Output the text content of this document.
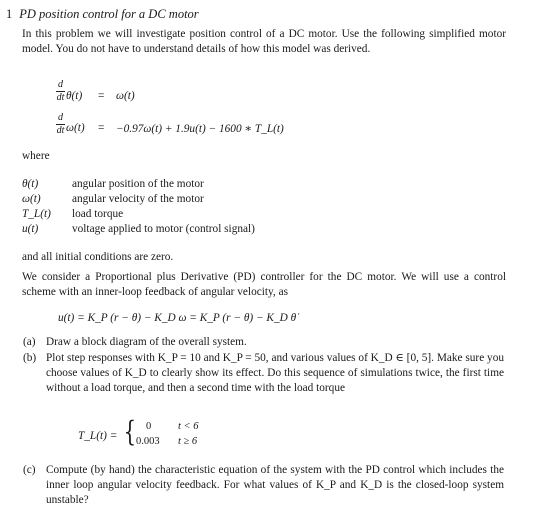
1 PD position control for a DC motor
In this problem we will investigate position control of a DC motor. Use the following simplified motor model. You do not have to understand details of how this model was derived.
d
dt θ(t) = ω(t)
d
dt ω(t) = −0.97ω(t) + 1.9u(t) − 1600 ∗ T_L(t)
where
θ(t)	angular position of the motor
ω(t)	angular velocity of the motor
T_L(t) load torque
u(t)	voltage applied to motor (control signal)
and all initial conditions are zero.
We consider a Proportional plus Derivative (PD) controller for the DC motor. We will use a control scheme with an inner-loop feedback of angular velocity, as
u(t) = K_P (r − θ) − K_D ω = K_P (r − θ) − K_D θ̇
(a) Draw a block diagram of the overall system.
(b) Plot step responses with K_P = 10 and K_P = 50, and various values of K_D ∈ [0, 5]. Make sure you choose values of K_D to clearly show its effect. Do this sequence of simulations twice, the first time without a load torque, and then a second time with the load torque
T_L(t) = { 0	t < 6
0.003 t ≥ 6
(c) Compute (by hand) the characteristic equation of the system with the PD control which includes the inner loop angular velocity feedback. For what values of K_P and K_D is the closed-loop system unstable?
